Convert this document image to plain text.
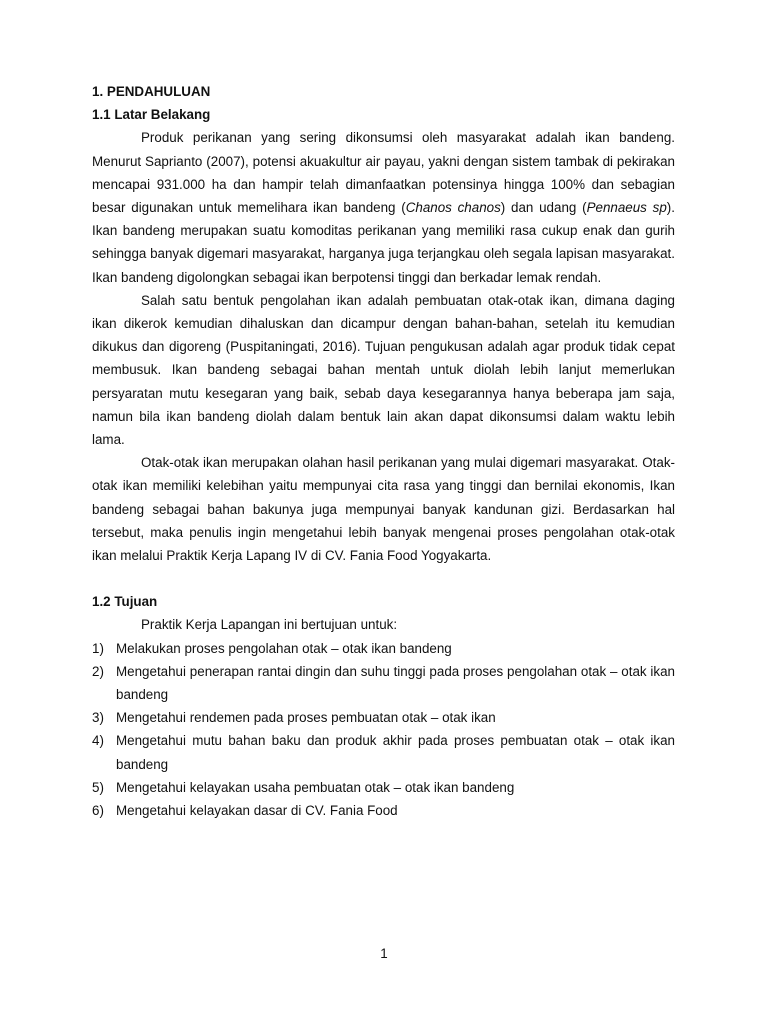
1. PENDAHULUAN

1.1 Latar Belakang

Produk perikanan yang sering dikonsumsi oleh masyarakat adalah ikan bandeng. Menurut Saprianto (2007), potensi akuakultur air payau, yakni dengan sistem tambak di pekirakan mencapai 931.000 ha dan hampir telah dimanfaatkan potensinya hingga 100% dan sebagian besar digunakan untuk memelihara ikan bandeng (Chanos chanos) dan udang (Pennaeus sp). Ikan bandeng merupakan suatu komoditas perikanan yang memiliki rasa cukup enak dan gurih sehingga banyak digemari masyarakat, harganya juga terjangkau oleh segala lapisan masyarakat. Ikan bandeng digolongkan sebagai ikan berpotensi tinggi dan berkadar lemak rendah.

Salah satu bentuk pengolahan ikan adalah pembuatan otak-otak ikan, dimana daging ikan dikerok kemudian dihaluskan dan dicampur dengan bahan-bahan, setelah itu kemudian dikukus dan digoreng (Puspitaningati, 2016). Tujuan pengukusan adalah agar produk tidak cepat membusuk. Ikan bandeng sebagai bahan mentah untuk diolah lebih lanjut memerlukan persyaratan mutu kesegaran yang baik, sebab daya kesegarannya hanya beberapa jam saja, namun bila ikan bandeng diolah dalam bentuk lain akan dapat dikonsumsi dalam waktu lebih lama.

Otak-otak ikan merupakan olahan hasil perikanan yang mulai digemari masyarakat. Otak-otak ikan memiliki kelebihan yaitu mempunyai cita rasa yang tinggi dan bernilai ekonomis, Ikan bandeng sebagai bahan bakunya juga mempunyai banyak kandunan gizi. Berdasarkan hal tersebut, maka penulis ingin mengetahui lebih banyak mengenai proses pengolahan otak-otak ikan melalui Praktik Kerja Lapang IV di CV. Fania Food Yogyakarta.

1.2 Tujuan

Praktik Kerja Lapangan ini bertujuan untuk:

1) Melakukan proses pengolahan otak – otak ikan bandeng
2) Mengetahui penerapan rantai dingin dan suhu tinggi pada proses pengolahan otak – otak ikan bandeng
3) Mengetahui rendemen pada proses pembuatan otak – otak ikan
4) Mengetahui mutu bahan baku dan produk akhir pada proses pembuatan otak – otak ikan bandeng
5) Mengetahui kelayakan usaha pembuatan otak – otak ikan bandeng
6) Mengetahui kelayakan dasar di CV. Fania Food
1
